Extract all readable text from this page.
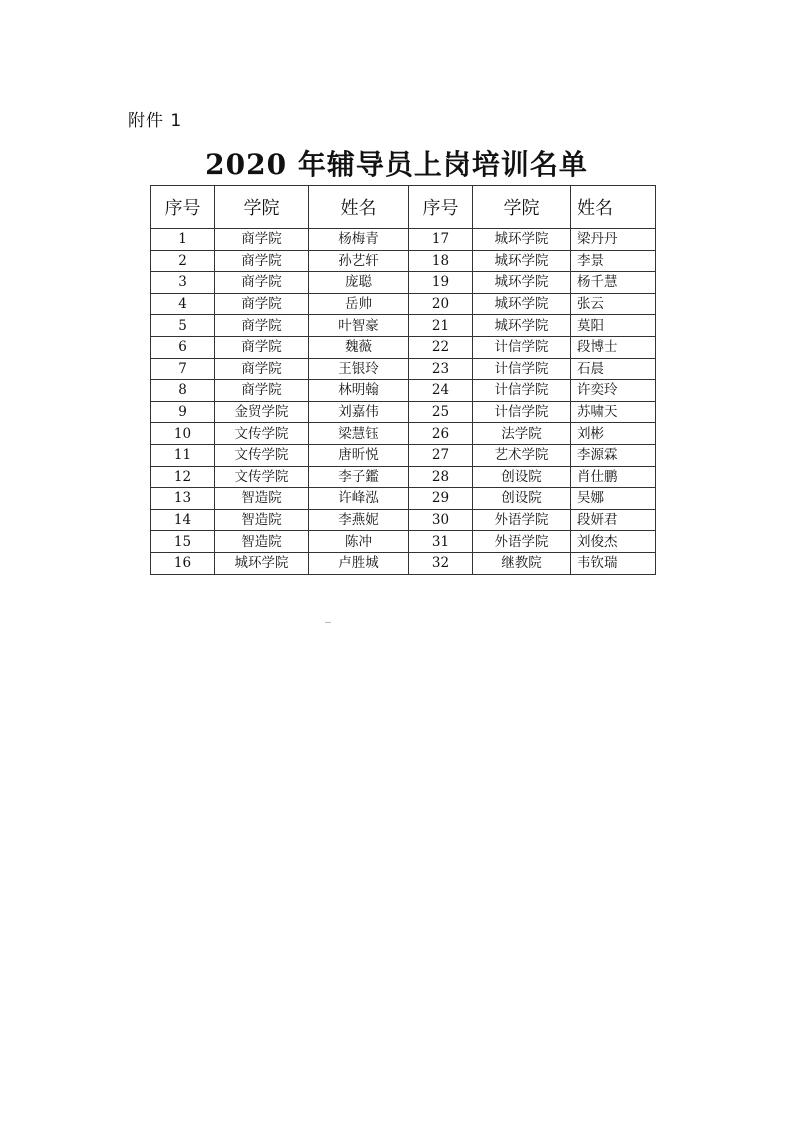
附件 1
2020 年辅导员上岗培训名单
序号	学院	姓名	序号	学院	姓名
1	商学院	杨梅青	17	城环学院	梁丹丹
2	商学院	孙艺轩	18	城环学院	李景
3	商学院	庞聪	19	城环学院	杨千慧
4	商学院	岳帅	20	城环学院	张云
5	商学院	叶智豪	21	城环学院	莫阳
6	商学院	魏薇	22	计信学院	段博士
7	商学院	王银玲	23	计信学院	石晨
8	商学院	林明翰	24	计信学院	许奕玲
9	金贸学院	刘嘉伟	25	计信学院	苏啸天
10	文传学院	梁慧钰	26	法学院	刘彬
11	文传学院	唐昕悦	27	艺术学院	李源霖
12	文传学院	李子鑑	28	创设院	肖仕鹏
13	智造院	许峰泓	29	创设院	吴娜
14	智造院	李燕妮	30	外语学院	段妍君
15	智造院	陈冲	31	外语学院	刘俊杰
16	城环学院	卢胜城	32	继教院	韦钦瑞
